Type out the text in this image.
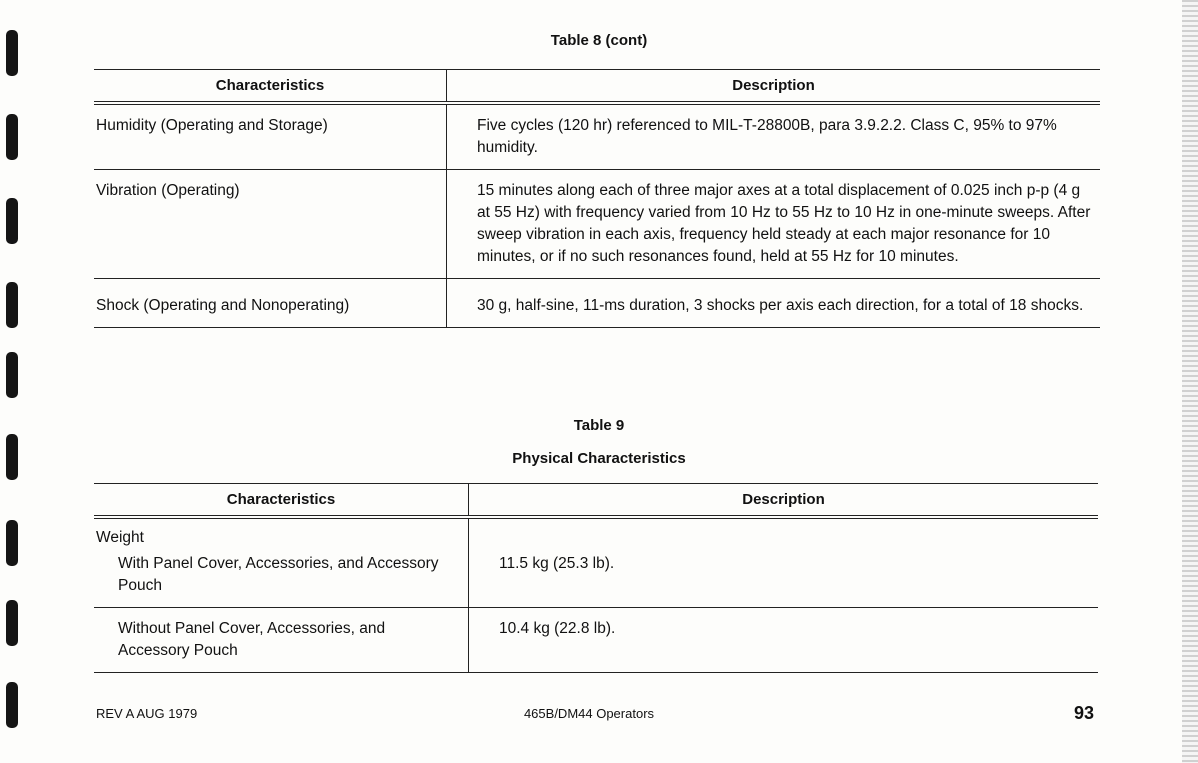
Table 8 (cont)
Characteristics	Description
Humidity (Operating and Storage)	Five cycles (120 hr) referenced to MIL-T-28800B, para 3.9.2.2. Class C, 95% to 97% humidity.
Vibration (Operating)	15 minutes along each of three major axes at a total displacement of 0.025 inch p-p (4 g at 55 Hz) with frequency varied from 10 Hz to 55 Hz to 10 Hz in one-minute sweeps. After sweep vibration in each axis, frequency held steady at each major resonance for 10 minutes, or if no such resonances found, held at 55 Hz for 10 minutes.
Shock (Operating and Nonoperating)	30 g, half-sine, 11-ms duration, 3 shocks per axis each direction, for a total of 18 shocks.
Table 9
Physical Characteristics
Characteristics	Description
Weight	
With Panel Cover, Accessories, and Accessory Pouch	11.5 kg (25.3 lb).
Without Panel Cover, Accessories, and Accessory Pouch	10.4 kg (22.8 lb).
REV A AUG 1979	465B/DM44 Operators	93
